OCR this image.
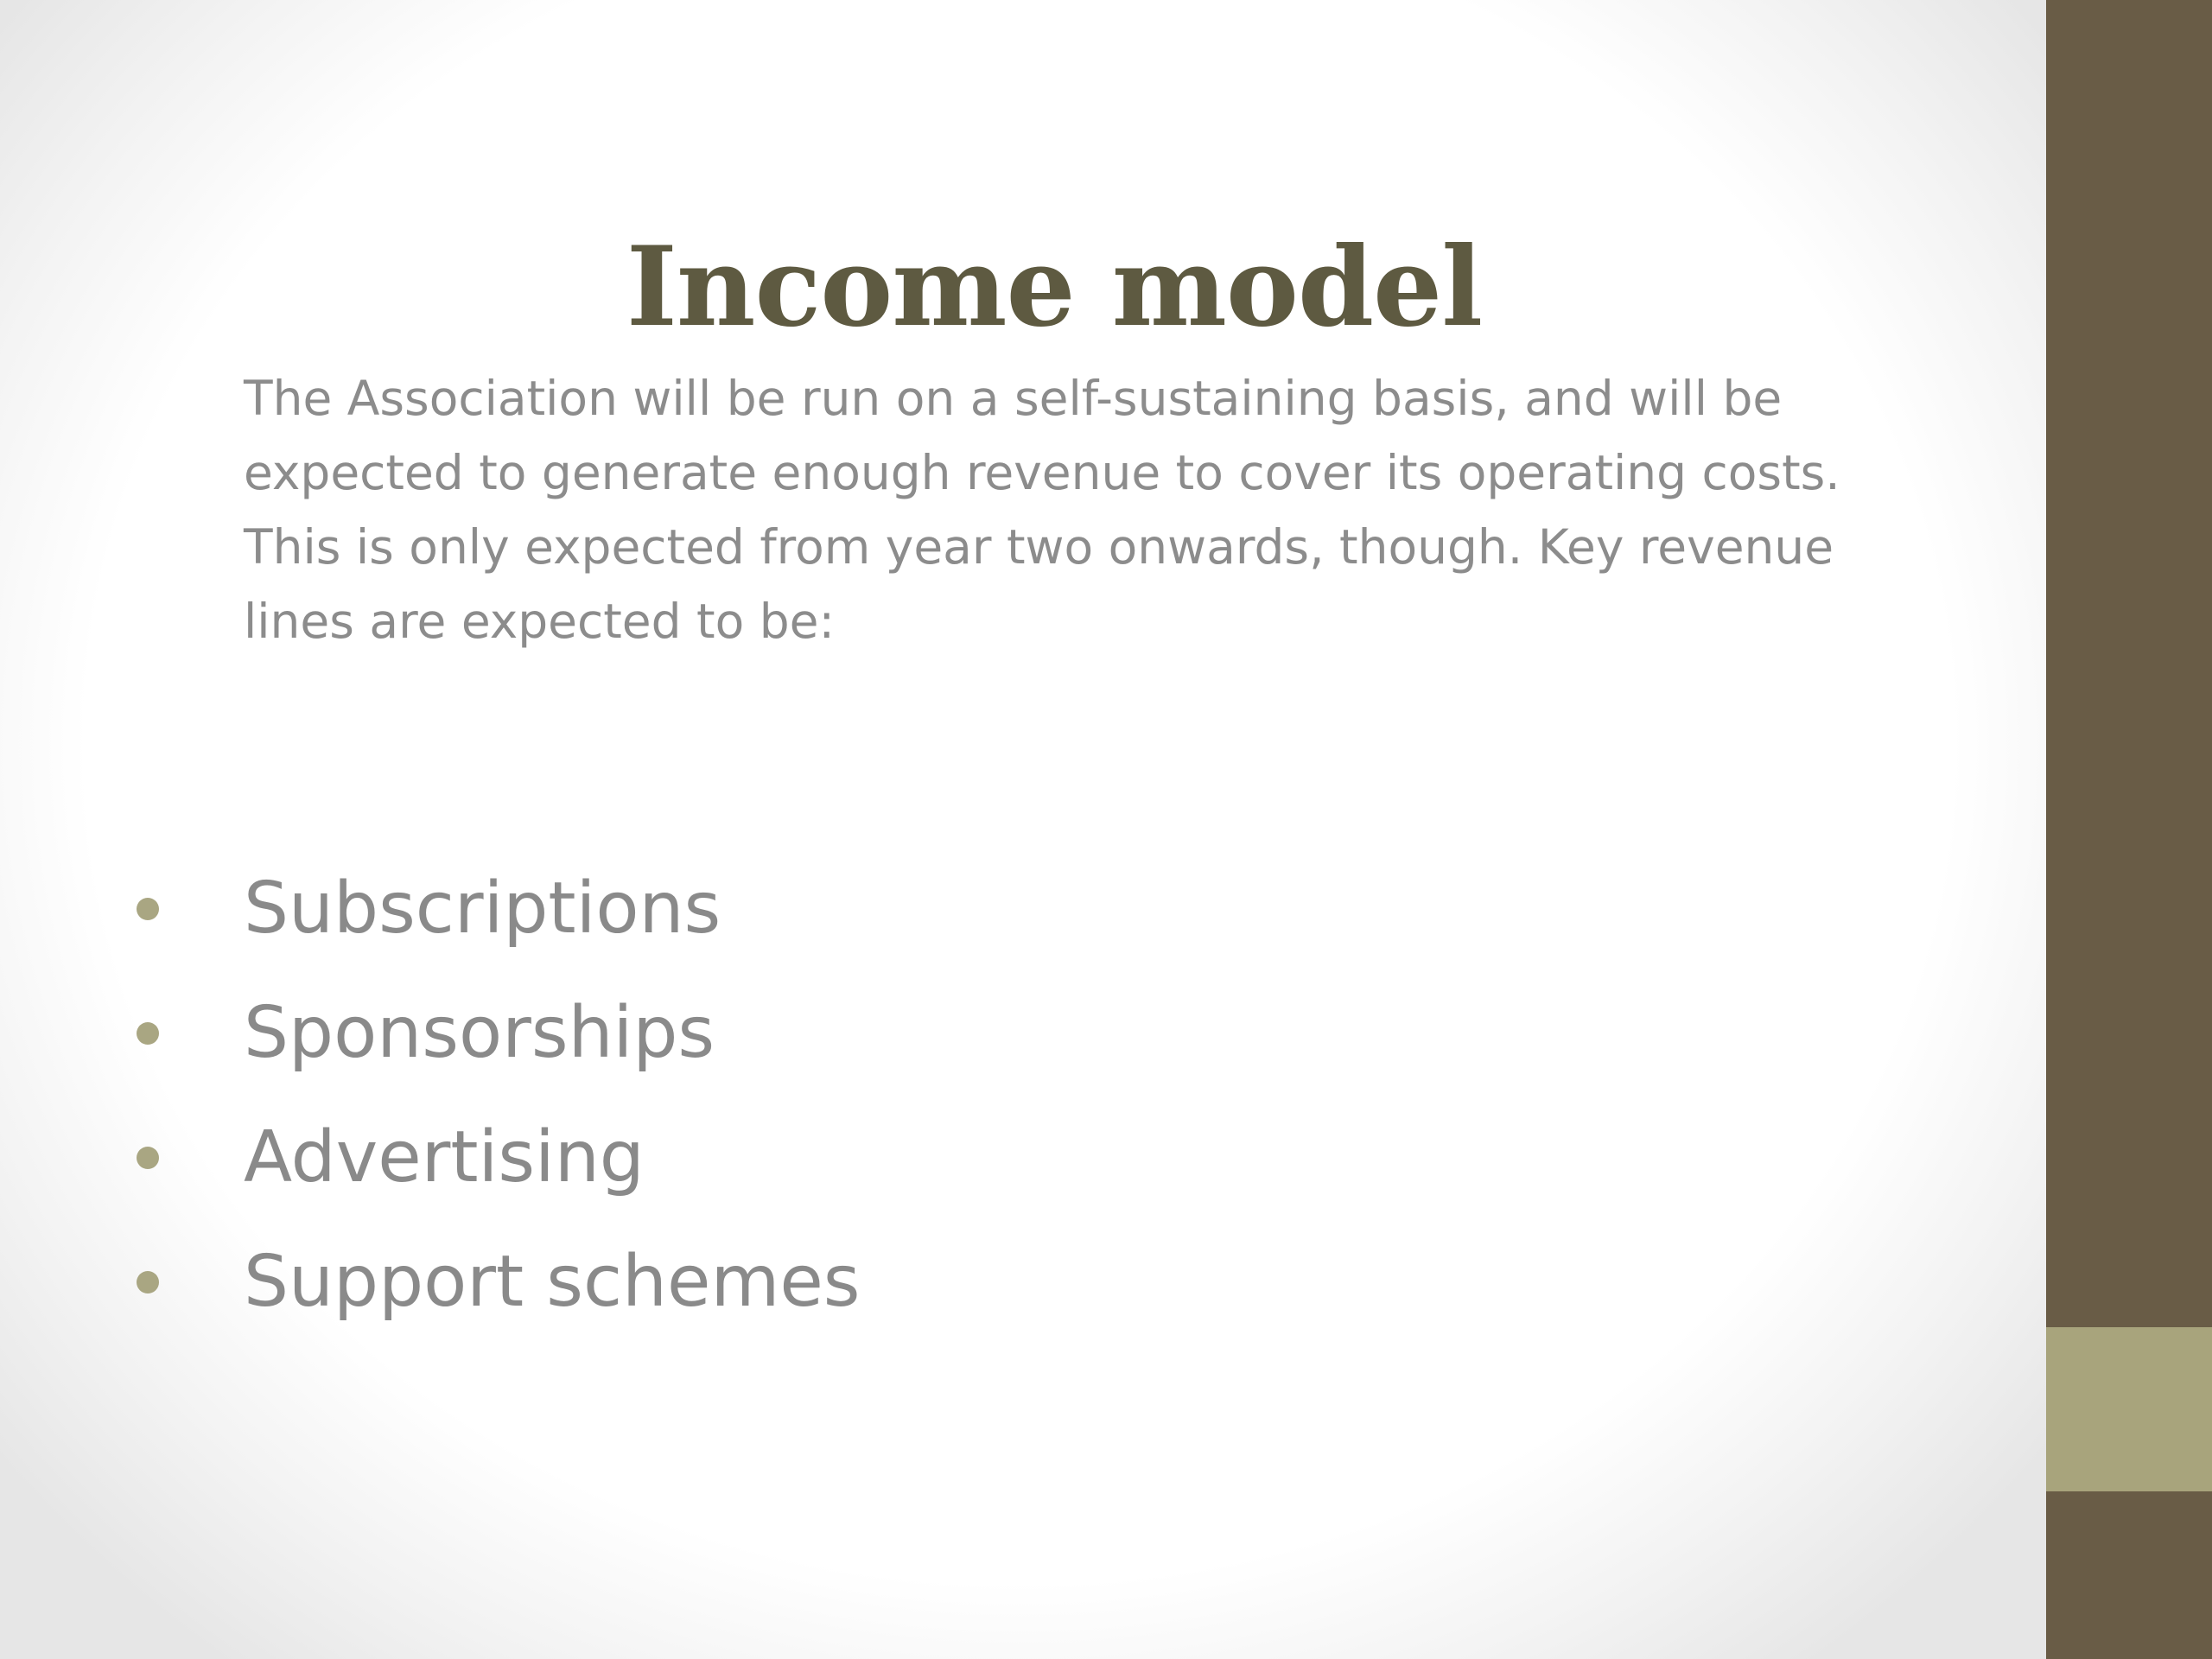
Income model

The Association will be run on a self-sustaining basis, and will be expected to generate enough revenue to cover its operating costs. This is only expected from year two onwards, though. Key revenue lines are expected to be:

Subscriptions
Sponsorships
Advertising
Support schemes
